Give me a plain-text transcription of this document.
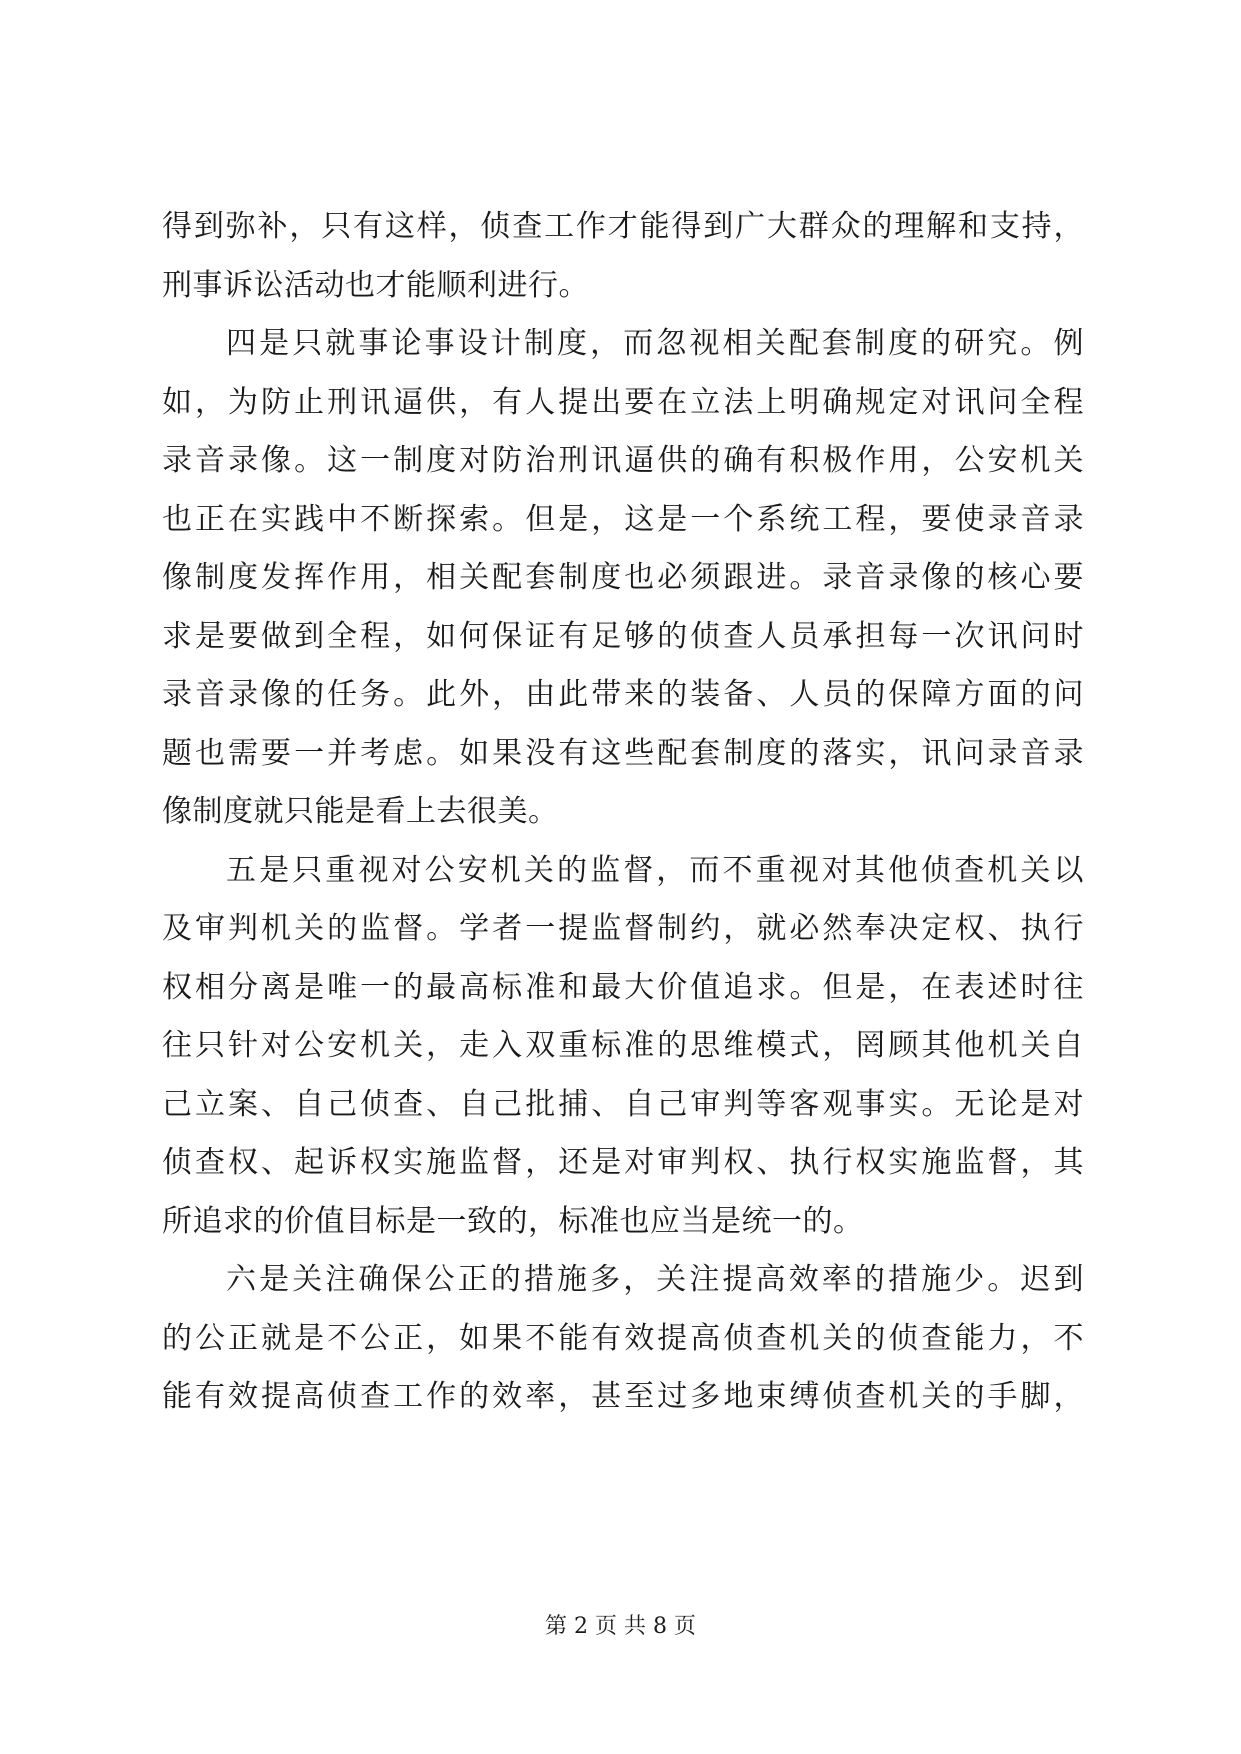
得到弥补，只有这样，侦查工作才能得到广大群众的理解和支持，
刑事诉讼活动也才能顺利进行。
四是只就事论事设计制度，而忽视相关配套制度的研究。例
如，为防止刑讯逼供，有人提出要在立法上明确规定对讯问全程
录音录像。这一制度对防治刑讯逼供的确有积极作用，公安机关
也正在实践中不断探索。但是，这是一个系统工程，要使录音录
像制度发挥作用，相关配套制度也必须跟进。录音录像的核心要
求是要做到全程，如何保证有足够的侦查人员承担每一次讯问时
录音录像的任务。此外，由此带来的装备、人员的保障方面的问
题也需要一并考虑。如果没有这些配套制度的落实，讯问录音录
像制度就只能是看上去很美。
五是只重视对公安机关的监督，而不重视对其他侦查机关以
及审判机关的监督。学者一提监督制约，就必然奉决定权、执行
权相分离是唯一的最高标准和最大价值追求。但是，在表述时往
往只针对公安机关，走入双重标准的思维模式，罔顾其他机关自
己立案、自己侦查、自己批捕、自己审判等客观事实。无论是对
侦查权、起诉权实施监督，还是对审判权、执行权实施监督，其
所追求的价值目标是一致的，标准也应当是统一的。
六是关注确保公正的措施多，关注提高效率的措施少。迟到
的公正就是不公正，如果不能有效提高侦查机关的侦查能力，不
能有效提高侦查工作的效率，甚至过多地束缚侦查机关的手脚，
第 2 页 共 8 页
